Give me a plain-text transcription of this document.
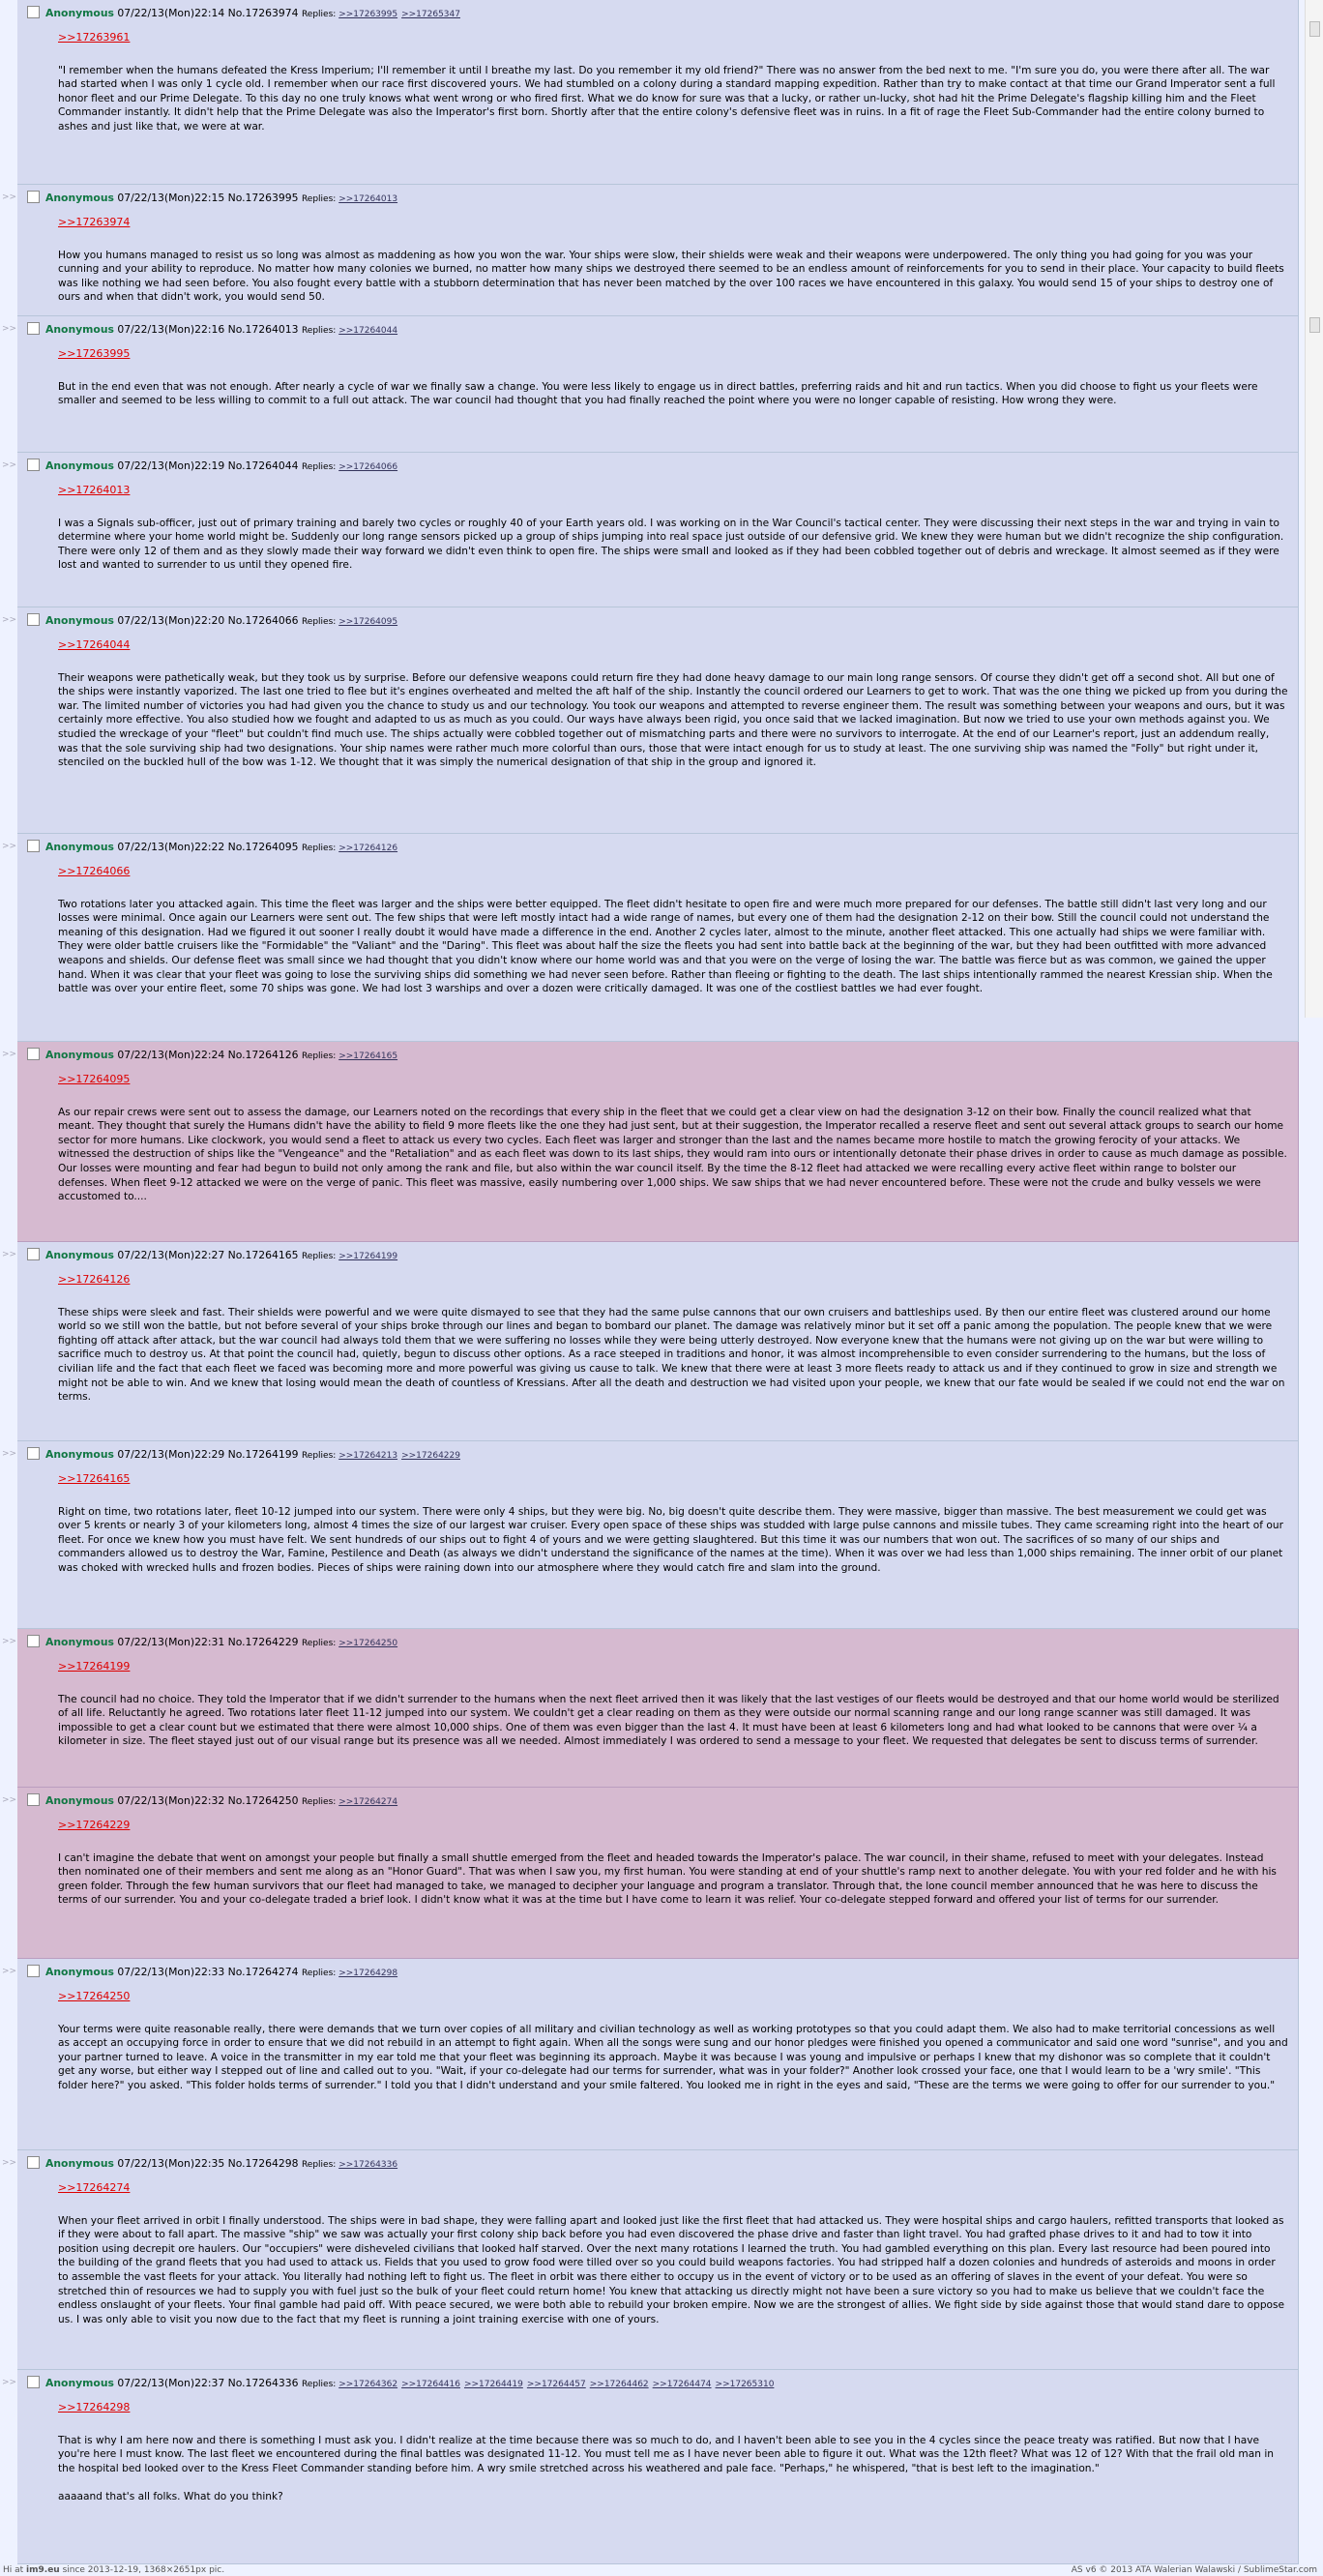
Anonymous 07/22/13(Mon)22:14 No.17263974 Replies: >>17263995 >>17265347
>>17263961
"I remember when the humans defeated the Kress Imperium; I'll remember it until I breathe my last. Do you remember it my old friend?" There was no answer from the bed next to me. "I'm sure you do, you were there after all. The war had started when I was only 1 cycle old. I remember when our race first discovered yours. We had stumbled on a colony during a standard mapping expedition. Rather than try to make contact at that time our Grand Imperator sent a full honor fleet and our Prime Delegate. To this day no one truly knows what went wrong or who fired first. What we do know for sure was that a lucky, or rather un-lucky, shot had hit the Prime Delegate's flagship killing him and the Fleet Commander instantly. It didn't help that the Prime Delegate was also the Imperator's first born. Shortly after that the entire colony's defensive fleet was in ruins. In a fit of rage the Fleet Sub-Commander had the entire colony burned to ashes and just like that, we were at war.
>>	Anonymous 07/22/13(Mon)22:15 No.17263995 Replies: >>17264013
>>17263974
How you humans managed to resist us so long was almost as maddening as how you won the war. Your ships were slow, their shields were weak and their weapons were underpowered. The only thing you had going for you was your cunning and your ability to reproduce. No matter how many colonies we burned, no matter how many ships we destroyed there seemed to be an endless amount of reinforcements for you to send in their place. Your capacity to build fleets was like nothing we had seen before. You also fought every battle with a stubborn determination that has never been matched by the over 100 races we have encountered in this galaxy. You would send 15 of your ships to destroy one of ours and when that didn't work, you would send 50.
>>	Anonymous 07/22/13(Mon)22:16 No.17264013 Replies: >>17264044
>>17263995
But in the end even that was not enough. After nearly a cycle of war we finally saw a change. You were less likely to engage us in direct battles, preferring raids and hit and run tactics. When you did choose to fight us your fleets were smaller and seemed to be less willing to commit to a full out attack. The war council had thought that you had finally reached the point where you were no longer capable of resisting. How wrong they were.
>>	Anonymous 07/22/13(Mon)22:19 No.17264044 Replies: >>17264066
>>17264013
I was a Signals sub-officer, just out of primary training and barely two cycles or roughly 40 of your Earth years old. I was working on in the War Council's tactical center. They were discussing their next steps in the war and trying in vain to determine where your home world might be. Suddenly our long range sensors picked up a group of ships jumping into real space just outside of our defensive grid. We knew they were human but we didn't recognize the ship configuration. There were only 12 of them and as they slowly made their way forward we didn't even think to open fire. The ships were small and looked as if they had been cobbled together out of debris and wreckage. It almost seemed as if they were lost and wanted to surrender to us until they opened fire.
>>	Anonymous 07/22/13(Mon)22:20 No.17264066 Replies: >>17264095
>>17264044
Their weapons were pathetically weak, but they took us by surprise. Before our defensive weapons could return fire they had done heavy damage to our main long range sensors. Of course they didn't get off a second shot. All but one of the ships were instantly vaporized. The last one tried to flee but it's engines overheated and melted the aft half of the ship. Instantly the council ordered our Learners to get to work. That was the one thing we picked up from you during the war. The limited number of victories you had had given you the chance to study us and our technology. You took our weapons and attempted to reverse engineer them. The result was something between your weapons and ours, but it was certainly more effective. You also studied how we fought and adapted to us as much as you could. Our ways have always been rigid, you once said that we lacked imagination. But now we tried to use your own methods against you. We studied the wreckage of your "fleet" but couldn't find much use. The ships actually were cobbled together out of mismatching parts and there were no survivors to interrogate. At the end of our Learner's report, just an addendum really, was that the sole surviving ship had two designations. Your ship names were rather much more colorful than ours, those that were intact enough for us to study at least. The one surviving ship was named the "Folly" but right under it, stenciled on the buckled hull of the bow was 1-12. We thought that it was simply the numerical designation of that ship in the group and ignored it.
>>	Anonymous 07/22/13(Mon)22:22 No.17264095 Replies: >>17264126
>>17264066
Two rotations later you attacked again. This time the fleet was larger and the ships were better equipped. The fleet didn't hesitate to open fire and were much more prepared for our defenses. The battle still didn't last very long and our losses were minimal. Once again our Learners were sent out. The few ships that were left mostly intact had a wide range of names, but every one of them had the designation 2-12 on their bow. Still the council could not understand the meaning of this designation. Had we figured it out sooner I really doubt it would have made a difference in the end. Another 2 cycles later, almost to the minute, another fleet attacked. This one actually had ships we were familiar with. They were older battle cruisers like the "Formidable" the "Valiant" and the "Daring". This fleet was about half the size the fleets you had sent into battle back at the beginning of the war, but they had been outfitted with more advanced weapons and shields. Our defense fleet was small since we had thought that you didn't know where our home world was and that you were on the verge of losing the war. The battle was fierce but as was common, we gained the upper hand. When it was clear that your fleet was going to lose the surviving ships did something we had never seen before. Rather than fleeing or fighting to the death. The last ships intentionally rammed the nearest Kressian ship. When the battle was over your entire fleet, some 70 ships was gone. We had lost 3 warships and over a dozen were critically damaged. It was one of the costliest battles we had ever fought.
>>	Anonymous 07/22/13(Mon)22:24 No.17264126 Replies: >>17264165
>>17264095
As our repair crews were sent out to assess the damage, our Learners noted on the recordings that every ship in the fleet that we could get a clear view on had the designation 3-12 on their bow. Finally the council realized what that meant. They thought that surely the Humans didn't have the ability to field 9 more fleets like the one they had just sent, but at their suggestion, the Imperator recalled a reserve fleet and sent out several attack groups to search our home sector for more humans. Like clockwork, you would send a fleet to attack us every two cycles. Each fleet was larger and stronger than the last and the names became more hostile to match the growing ferocity of your attacks. We witnessed the destruction of ships like the "Vengeance" and the "Retaliation" and as each fleet was down to its last ships, they would ram into ours or intentionally detonate their phase drives in order to cause as much damage as possible. Our losses were mounting and fear had begun to build not only among the rank and file, but also within the war council itself. By the time the 8-12 fleet had attacked we were recalling every active fleet within range to bolster our defenses. When fleet 9-12 attacked we were on the verge of panic. This fleet was massive, easily numbering over 1,000 ships. We saw ships that we had never encountered before. These were not the crude and bulky vessels we were accustomed to....
>>	Anonymous 07/22/13(Mon)22:27 No.17264165 Replies: >>17264199
>>17264126
These ships were sleek and fast. Their shields were powerful and we were quite dismayed to see that they had the same pulse cannons that our own cruisers and battleships used. By then our entire fleet was clustered around our home world so we still won the battle, but not before several of your ships broke through our lines and began to bombard our planet. The damage was relatively minor but it set off a panic among the population. The people knew that we were fighting off attack after attack, but the war council had always told them that we were suffering no losses while they were being utterly destroyed. Now everyone knew that the humans were not giving up on the war but were willing to sacrifice much to destroy us. At that point the council had, quietly, begun to discuss other options. As a race steeped in traditions and honor, it was almost incomprehensible to even consider surrendering to the humans, but the loss of civilian life and the fact that each fleet we faced was becoming more and more powerful was giving us cause to talk. We knew that there were at least 3 more fleets ready to attack us and if they continued to grow in size and strength we might not be able to win. And we knew that losing would mean the death of countless of Kressians. After all the death and destruction we had visited upon your people, we knew that our fate would be sealed if we could not end the war on terms.
>>	Anonymous 07/22/13(Mon)22:29 No.17264199 Replies: >>17264213 >>17264229
>>17264165
Right on time, two rotations later, fleet 10-12 jumped into our system. There were only 4 ships, but they were big. No, big doesn't quite describe them. They were massive, bigger than massive. The best measurement we could get was over 5 krents or nearly 3 of your kilometers long, almost 4 times the size of our largest war cruiser. Every open space of these ships was studded with large pulse cannons and missile tubes. They came screaming right into the heart of our fleet. For once we knew how you must have felt. We sent hundreds of our ships out to fight 4 of yours and we were getting slaughtered. But this time it was our numbers that won out. The sacrifices of so many of our ships and commanders allowed us to destroy the War, Famine, Pestilence and Death (as always we didn't understand the significance of the names at the time). When it was over we had less than 1,000 ships remaining. The inner orbit of our planet was choked with wrecked hulls and frozen bodies. Pieces of ships were raining down into our atmosphere where they would catch fire and slam into the ground.
>>	Anonymous 07/22/13(Mon)22:31 No.17264229 Replies: >>17264250
>>17264199
The council had no choice. They told the Imperator that if we didn't surrender to the humans when the next fleet arrived then it was likely that the last vestiges of our fleets would be destroyed and that our home world would be sterilized of all life. Reluctantly he agreed. Two rotations later fleet 11-12 jumped into our system. We couldn't get a clear reading on them as they were outside our normal scanning range and our long range scanner was still damaged. It was impossible to get a clear count but we estimated that there were almost 10,000 ships. One of them was even bigger than the last 4. It must have been at least 6 kilometers long and had what looked to be cannons that were over ¼ a kilometer in size. The fleet stayed just out of our visual range but its presence was all we needed. Almost immediately I was ordered to send a message to your fleet. We requested that delegates be sent to discuss terms of surrender.
>>	Anonymous 07/22/13(Mon)22:32 No.17264250 Replies: >>17264274
>>17264229
I can't imagine the debate that went on amongst your people but finally a small shuttle emerged from the fleet and headed towards the Imperator's palace. The war council, in their shame, refused to meet with your delegates. Instead then nominated one of their members and sent me along as an "Honor Guard". That was when I saw you, my first human. You were standing at end of your shuttle's ramp next to another delegate. You with your red folder and he with his green folder. Through the few human survivors that our fleet had managed to take, we managed to decipher your language and program a translator. Through that, the lone council member announced that he was here to discuss the terms of our surrender. You and your co-delegate traded a brief look. I didn't know what it was at the time but I have come to learn it was relief. Your co-delegate stepped forward and offered your list of terms for our surrender.
>>	Anonymous 07/22/13(Mon)22:33 No.17264274 Replies: >>17264298
>>17264250
Your terms were quite reasonable really, there were demands that we turn over copies of all military and civilian technology as well as working prototypes so that you could adapt them. We also had to make territorial concessions as well as accept an occupying force in order to ensure that we did not rebuild in an attempt to fight again. When all the songs were sung and our honor pledges were finished you opened a communicator and said one word "sunrise", and you and your partner turned to leave. A voice in the transmitter in my ear told me that your fleet was beginning its approach. Maybe it was because I was young and impulsive or perhaps I knew that my dishonor was so complete that it couldn't get any worse, but either way I stepped out of line and called out to you. "Wait, if your co-delegate had our terms for surrender, what was in your folder?" Another look crossed your face, one that I would learn to be a 'wry smile'. "This folder here?" you asked. "This folder holds terms of surrender." I told you that I didn't understand and your smile faltered. You looked me in right in the eyes and said, "These are the terms we were going to offer for our surrender to you."
>>	Anonymous 07/22/13(Mon)22:35 No.17264298 Replies: >>17264336
>>17264274
When your fleet arrived in orbit I finally understood. The ships were in bad shape, they were falling apart and looked just like the first fleet that had attacked us. They were hospital ships and cargo haulers, refitted transports that looked as if they were about to fall apart. The massive "ship" we saw was actually your first colony ship back before you had even discovered the phase drive and faster than light travel. You had grafted phase drives to it and had to tow it into position using decrepit ore haulers. Our "occupiers" were disheveled civilians that looked half starved. Over the next many rotations I learned the truth. You had gambled everything on this plan. Every last resource had been poured into the building of the grand fleets that you had used to attack us. Fields that you used to grow food were tilled over so you could build weapons factories. You had stripped half a dozen colonies and hundreds of asteroids and moons in order to assemble the vast fleets for your attack. You literally had nothing left to fight us. The fleet in orbit was there either to occupy us in the event of victory or to be used as an offering of slaves in the event of your defeat. You were so stretched thin of resources we had to supply you with fuel just so the bulk of your fleet could return home! You knew that attacking us directly might not have been a sure victory so you had to make us believe that we couldn't face the endless onslaught of your fleets. Your final gamble had paid off. With peace secured, we were both able to rebuild your broken empire. Now we are the strongest of allies. We fight side by side against those that would stand dare to oppose us. I was only able to visit you now due to the fact that my fleet is running a joint training exercise with one of yours.
>>	Anonymous 07/22/13(Mon)22:37 No.17264336 Replies: >>17264362 >>17264416 >>17264419 >>17264457 >>17264462 >>17264474 >>17265310
>>17264298
That is why I am here now and there is something I must ask you. I didn't realize at the time because there was so much to do, and I haven't been able to see you in the 4 cycles since the peace treaty was ratified. But now that I have you're here I must know. The last fleet we encountered during the final battles was designated 11-12. You must tell me as I have never been able to figure it out. What was the 12th fleet? What was 12 of 12? With that the frail old man in the hospital bed looked over to the Kress Fleet Commander standing before him. A wry smile stretched across his weathered and pale face. "Perhaps," he whispered, "that is best left to the imagination."

aaaaand that's all folks. What do you think?
Hi at im9.eu since 2013-12-19, 1368×2651px pic.	AS v6 © 2013 ATA Walerian Walawski / SublimeStar.com
